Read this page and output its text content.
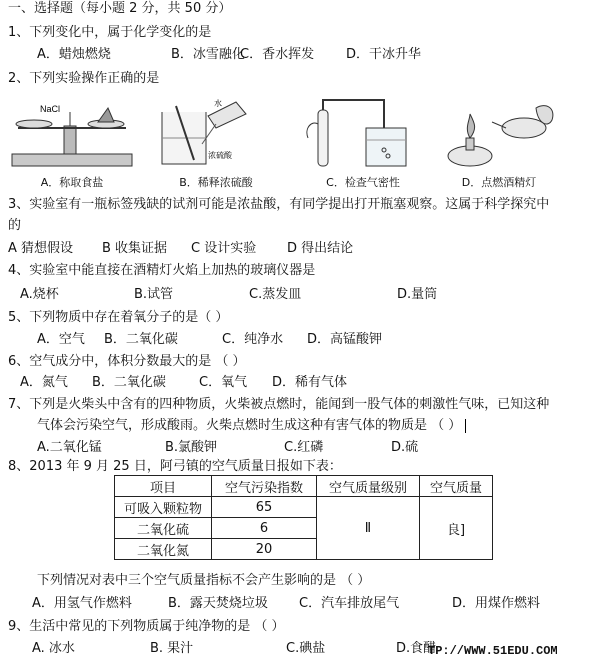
一、选择题（每小题 2 分，共 50 分）
1、下列变化中，属于化学变化的是
A．蜡烛燃烧	B．冰雪融化
C．香水挥发 D．干冰升华
2、下列实验操作正确的是
NaCl
A．称取食盐
浓硫酸
水
B．稀释浓硫酸	C．检查气密性	D．点燃酒精灯
3、实验室有一瓶标签残缺的试剂可能是浓盐酸，有同学提出打开瓶塞观察。这属于科学探究中
的
A 猜想假设 B 收集证据 C 设计实验 D 得出结论
4、实验室中能直接在酒精灯火焰上加热的玻璃仪器是
A.烧杯	B.试管	C.蒸发皿	D.量筒
5、下列物质中存在着氧分子的是（ ）
A．空气 B．二氧化碳	C．纯净水 D．高锰酸钾
6、空气成分中，体积分数最大的是 （ ）
A．氮气 B．二氧化碳	C．氧气 D．稀有气体
7、下列是火柴头中含有的四种物质，火柴被点燃时，能闻到一股气体的刺激性气味，已知这种
气体会污染空气，形成酸雨。火柴点燃时生成这种有害气体的物质是 （ ）
A.二氧化锰	B.氯酸钾	C.红磷	D.硫
8、2013 年 9 月 25 日，阿弓镇的空气质量日报如下表：
项目	空气污染指数	空气质量级别	空气质量
可吸入颗粒物	65	Ⅱ	良]
二氧化硫	6		
二氧化氮	20		
下列情况对表中三个空气质量指标不会产生影响的是 （ ）
A．用氢气作燃料	B．露天焚烧垃圾 C．汽车排放尾气	D．用煤作燃料
9、生活中常见的下列物质属于纯净物的是 （ ）
A. 冰水	B. 果汁	C.碘盐	D.食醋
TP://WWW.51EDU.COM
